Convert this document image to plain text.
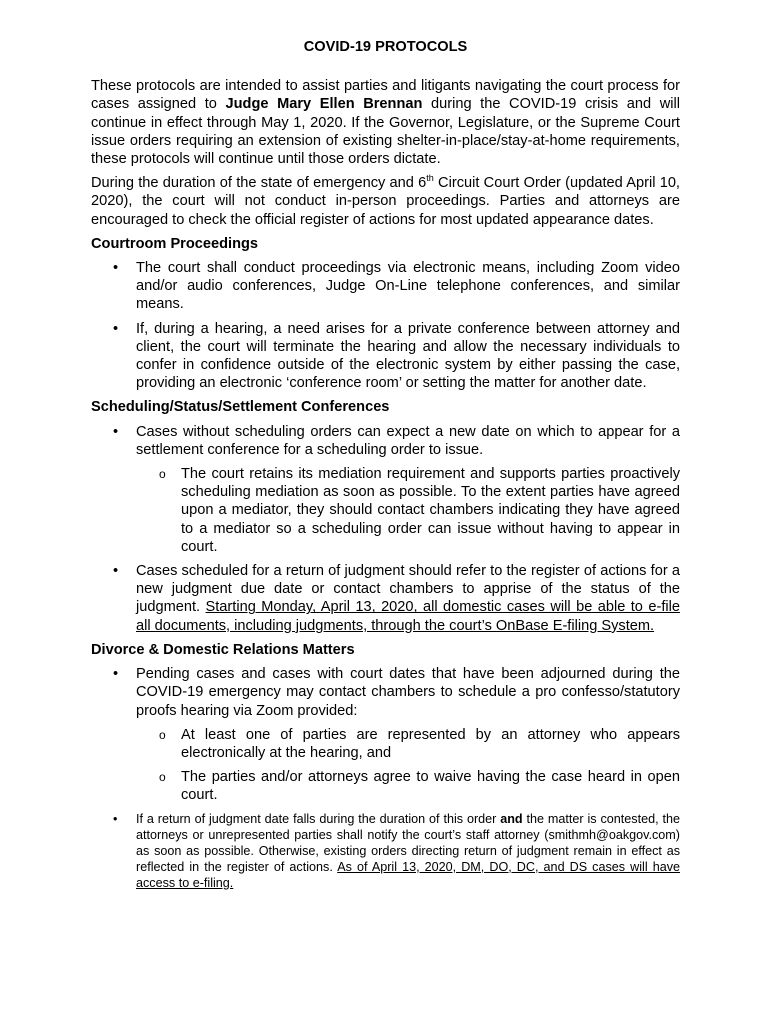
COVID-19 PROTOCOLS

These protocols are intended to assist parties and litigants navigating the court process for cases assigned to Judge Mary Ellen Brennan during the COVID-19 crisis and will continue in effect through May 1, 2020. If the Governor, Legislature, or the Supreme Court issue orders requiring an extension of existing shelter-in-place/stay-at-home requirements, these protocols will continue until those orders dictate.

During the duration of the state of emergency and 6th Circuit Court Order (updated April 10, 2020), the court will not conduct in-person proceedings. Parties and attorneys are encouraged to check the official register of actions for most updated appearance dates.

Courtroom Proceedings
• The court shall conduct proceedings via electronic means, including Zoom video and/or audio conferences, Judge On-Line telephone conferences, and similar means.
• If, during a hearing, a need arises for a private conference between attorney and client, the court will terminate the hearing and allow the necessary individuals to confer in confidence outside of the electronic system by either passing the case, providing an electronic ‘conference room’ or setting the matter for another date.
Scheduling/Status/Settlement Conferences
• Cases without scheduling orders can expect a new date on which to appear for a settlement conference for a scheduling order to issue.
o The court retains its mediation requirement and supports parties proactively scheduling mediation as soon as possible. To the extent parties have agreed upon a mediator, they should contact chambers indicating they have agreed to a mediator so a scheduling order can issue without having to appear in court.
• Cases scheduled for a return of judgment should refer to the register of actions for a new judgment due date or contact chambers to apprise of the status of the judgment. Starting Monday, April 13, 2020, all domestic cases will be able to e-file all documents, including judgments, through the court’s OnBase E-filing System.
Divorce & Domestic Relations Matters
• Pending cases and cases with court dates that have been adjourned during the COVID-19 emergency may contact chambers to schedule a pro confesso/statutory proofs hearing via Zoom provided:
o At least one of parties are represented by an attorney who appears electronically at the hearing, and
o The parties and/or attorneys agree to waive having the case heard in open court.
• If a return of judgment date falls during the duration of this order and the matter is contested, the attorneys or unrepresented parties shall notify the court’s staff attorney (smithmh@oakgov.com) as soon as possible. Otherwise, existing orders directing return of judgment remain in effect as reflected in the register of actions. As of April 13, 2020, DM, DO, DC, and DS cases will have access to e-filing.
